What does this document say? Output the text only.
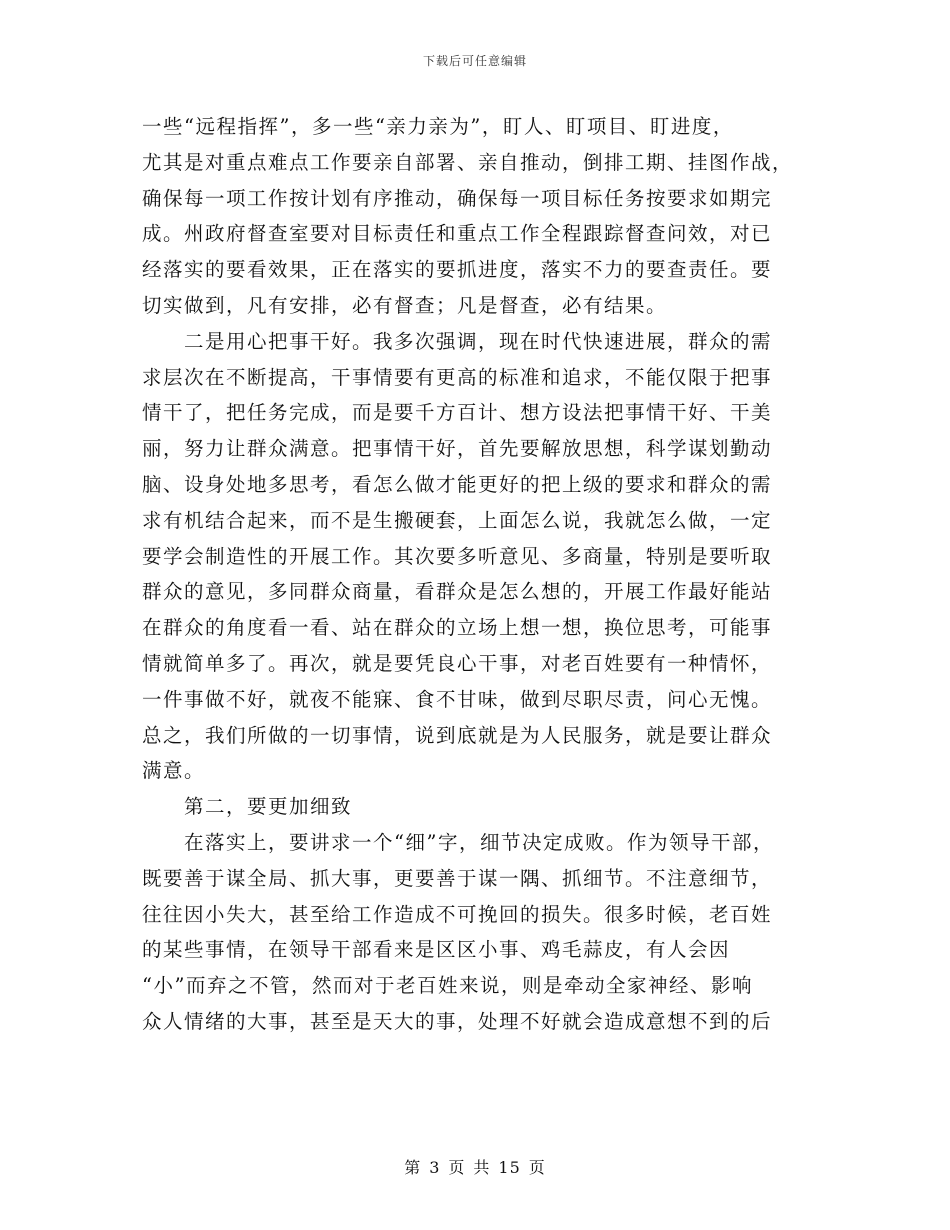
下载后可任意编辑
一些“远程指挥”，多一些“亲力亲为”，盯人、盯项目、盯进度，
尤其是对重点难点工作要亲自部署、亲自推动，倒排工期、挂图作战，
确保每一项工作按计划有序推动，确保每一项目标任务按要求如期完
成。州政府督查室要对目标责任和重点工作全程跟踪督查问效，对已
经落实的要看效果，正在落实的要抓进度，落实不力的要查责任。要
切实做到，凡有安排，必有督查；凡是督查，必有结果。
　　二是用心把事干好。我多次强调，现在时代快速进展，群众的需
求层次在不断提高，干事情要有更高的标准和追求，不能仅限于把事
情干了，把任务完成，而是要千方百计、想方设法把事情干好、干美
丽，努力让群众满意。把事情干好，首先要解放思想，科学谋划勤动
脑、设身处地多思考，看怎么做才能更好的把上级的要求和群众的需
求有机结合起来，而不是生搬硬套，上面怎么说，我就怎么做，一定
要学会制造性的开展工作。其次要多听意见、多商量，特别是要听取
群众的意见，多同群众商量，看群众是怎么想的，开展工作最好能站
在群众的角度看一看、站在群众的立场上想一想，换位思考，可能事
情就简单多了。再次，就是要凭良心干事，对老百姓要有一种情怀，
一件事做不好，就夜不能寐、食不甘味，做到尽职尽责，问心无愧。
总之，我们所做的一切事情，说到底就是为人民服务，就是要让群众
满意。
　　第二，要更加细致
　　在落实上，要讲求一个“细”字，细节决定成败。作为领导干部，
既要善于谋全局、抓大事，更要善于谋一隅、抓细节。不注意细节，
往往因小失大，甚至给工作造成不可挽回的损失。很多时候，老百姓
的某些事情，在领导干部看来是区区小事、鸡毛蒜皮，有人会因
“小”而弃之不管，然而对于老百姓来说，则是牵动全家神经、影响
众人情绪的大事，甚至是天大的事，处理不好就会造成意想不到的后
第 3 页 共 15 页
